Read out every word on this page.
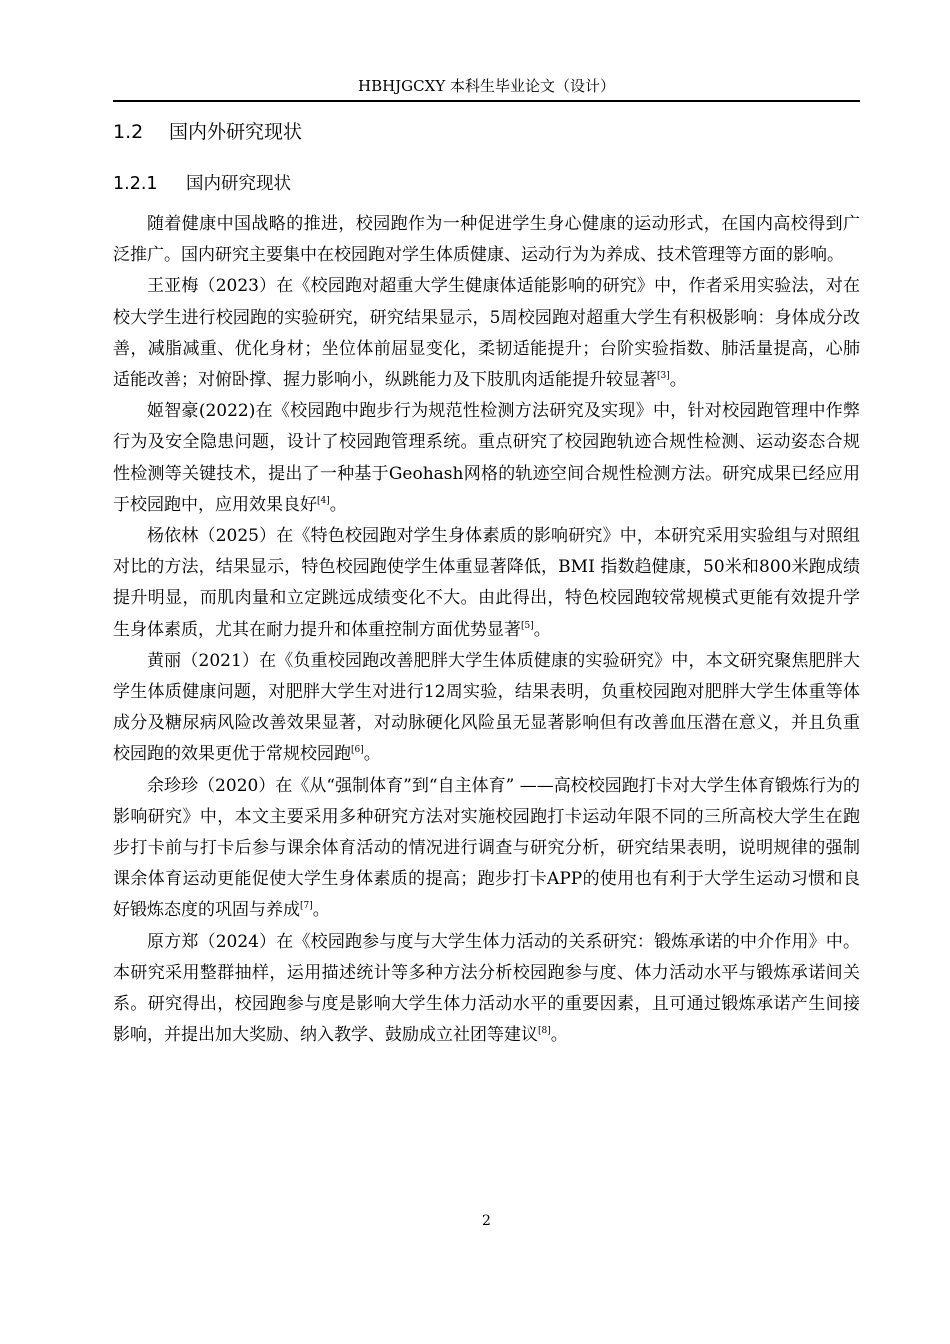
HBHJGCXY 本科生毕业论文（设计）
1.2 国内外研究现状
1.2.1 国内研究现状

随着健康中国战略的推进，校园跑作为一种促进学生身心健康的运动形式，在国内高校得到广泛推广。国内研究主要集中在校园跑对学生体质健康、运动行为为养成、技术管理等方面的影响。

王亚梅（2023）在《校园跑对超重大学生健康体适能影响的研究》中，作者采用实验法，对在校大学生进行校园跑的实验研究，研究结果显示，5周校园跑对超重大学生有积极影响：身体成分改善，减脂减重、优化身材；坐位体前屈显变化，柔韧适能提升；台阶实验指数、肺活量提高，心肺适能改善；对俯卧撑、握力影响小，纵跳能力及下肢肌肉适能提升较显著[3]。

姬智豪(2022)在《校园跑中跑步行为规范性检测方法研究及实现》中，针对校园跑管理中作弊行为及安全隐患问题，设计了校园跑管理系统。重点研究了校园跑轨迹合规性检测、运动姿态合规性检测等关键技术，提出了一种基于Geohash网格的轨迹空间合规性检测方法。研究成果已经应用于校园跑中，应用效果良好[4]。

杨依林（2025）在《特色校园跑对学生身体素质的影响研究》中，本研究采用实验组与对照组对比的方法，结果显示，特色校园跑使学生体重显著降低，BMI 指数趋健康，50米和800米跑成绩提升明显，而肌肉量和立定跳远成绩变化不大。由此得出，特色校园跑较常规模式更能有效提升学生身体素质，尤其在耐力提升和体重控制方面优势显著[5]。

黄丽（2021）在《负重校园跑改善肥胖大学生体质健康的实验研究》中，本文研究聚焦肥胖大学生体质健康问题，对肥胖大学生对进行12周实验，结果表明，负重校园跑对肥胖大学生体重等体成分及糖尿病风险改善效果显著，对动脉硬化风险虽无显著影响但有改善血压潜在意义，并且负重校园跑的效果更优于常规校园跑[6]。

余珍珍（2020）在《从“强制体育”到“自主体育” ——高校校园跑打卡对大学生体育锻炼行为的影响研究》中，本文主要采用多种研究方法对实施校园跑打卡运动年限不同的三所高校大学生在跑步打卡前与打卡后参与课余体育活动的情况进行调查与研究分析，研究结果表明，说明规律的强制课余体育运动更能促使大学生身体素质的提高；跑步打卡APP的使用也有利于大学生运动习惯和良好锻炼态度的巩固与养成[7]。

原方郑（2024）在《校园跑参与度与大学生体力活动的关系研究：锻炼承诺的中介作用》中。本研究采用整群抽样，运用描述统计等多种方法分析校园跑参与度、体力活动水平与锻炼承诺间关系。研究得出，校园跑参与度是影响大学生体力活动水平的重要因素，且可通过锻炼承诺产生间接影响，并提出加大奖励、纳入教学、鼓励成立社团等建议[8]。

2
